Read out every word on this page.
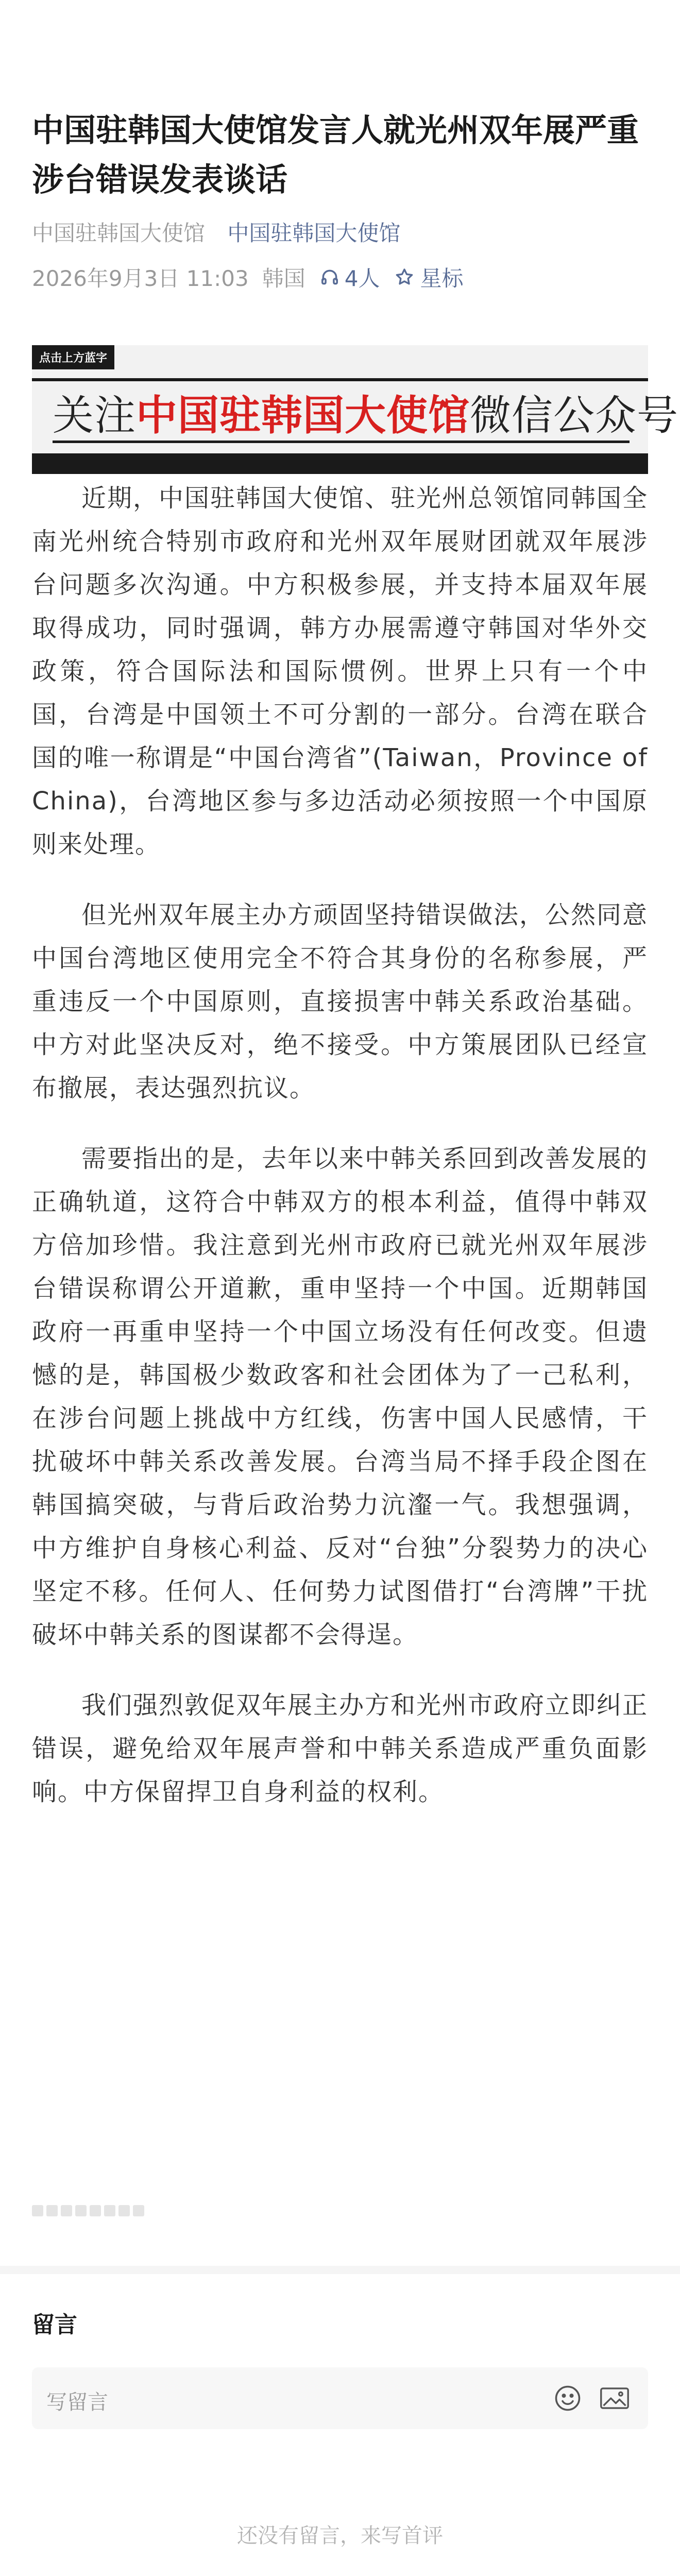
中国驻韩国大使馆发言人就光州双年展严重涉台错误发表谈话
中国驻韩国大使馆 中国驻韩国大使馆
2026年9月3日 11:03 韩国 4人 星标
点击上方蓝字
关注中国驻韩国大使馆微信公众号

近期，中国驻韩国大使馆、驻光州总领馆同韩国全南光州统合特别市政府和光州双年展财团就双年展涉台问题多次沟通。中方积极参展，并支持本届双年展取得成功，同时强调，韩方办展需遵守韩国对华外交政策，符合国际法和国际惯例。世界上只有一个中国，台湾是中国领土不可分割的一部分。台湾在联合国的唯一称谓是“中国台湾省”(Taiwan，Province of China)，台湾地区参与多边活动必须按照一个中国原则来处理。

但光州双年展主办方顽固坚持错误做法，公然同意中国台湾地区使用完全不符合其身份的名称参展，严重违反一个中国原则，直接损害中韩关系政治基础。中方对此坚决反对，绝不接受。中方策展团队已经宣布撤展，表达强烈抗议。

需要指出的是，去年以来中韩关系回到改善发展的正确轨道，这符合中韩双方的根本利益，值得中韩双方倍加珍惜。我注意到光州市政府已就光州双年展涉台错误称谓公开道歉，重申坚持一个中国。近期韩国政府一再重申坚持一个中国立场没有任何改变。但遗憾的是，韩国极少数政客和社会团体为了一己私利，在涉台问题上挑战中方红线，伤害中国人民感情，干扰破坏中韩关系改善发展。台湾当局不择手段企图在韩国搞突破，与背后政治势力沆瀣一气。我想强调，中方维护自身核心利益、反对“台独”分裂势力的决心坚定不移。任何人、任何势力试图借打“台湾牌”干扰破坏中韩关系的图谋都不会得逞。

我们强烈敦促双年展主办方和光州市政府立即纠正错误，避免给双年展声誉和中韩关系造成严重负面影响。中方保留捍卫自身利益的权利。

留言
写留言
还没有留言，来写首评
